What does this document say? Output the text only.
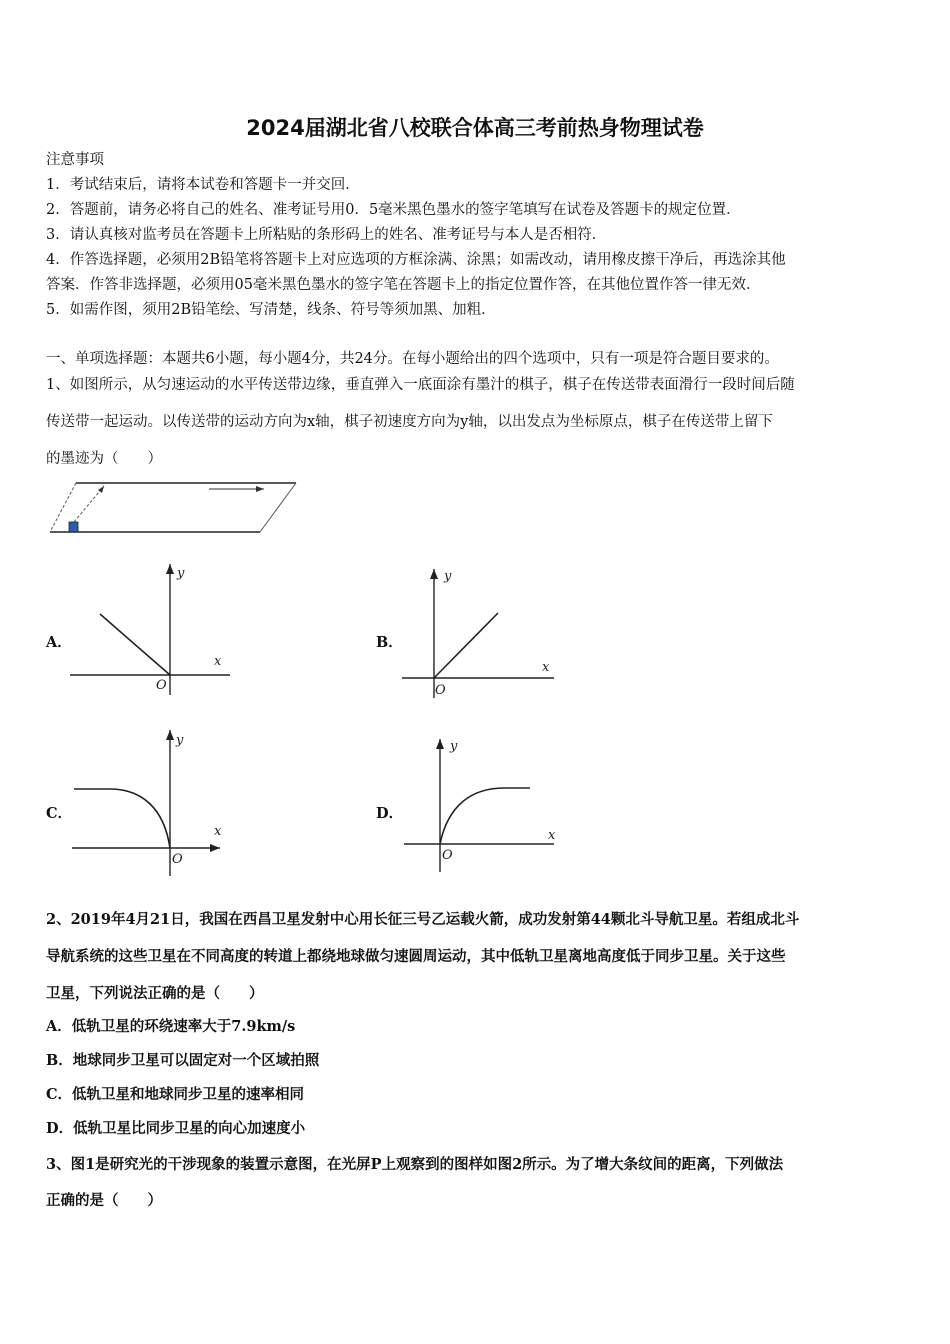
2024届湖北省八校联合体高三考前热身物理试卷
注意事项
1．考试结束后，请将本试卷和答题卡一并交回．
2．答题前，请务必将自己的姓名、准考证号用0．5毫米黑色墨水的签字笔填写在试卷及答题卡的规定位置．
3．请认真核对监考员在答题卡上所粘贴的条形码上的姓名、准考证号与本人是否相符．
4．作答选择题，必须用2B铅笔将答题卡上对应选项的方框涂满、涂黑；如需改动，请用橡皮擦干净后，再选涂其他
答案．作答非选择题，必须用05毫米黑色墨水的签字笔在答题卡上的指定位置作答，在其他位置作答一律无效．
5．如需作图，须用2B铅笔绘、写清楚，线条、符号等须加黑、加粗．
一、单项选择题：本题共6小题，每小题4分，共24分。在每小题给出的四个选项中，只有一项是符合题目要求的。
1、如图所示，从匀速运动的水平传送带边缘，垂直弹入一底面涂有墨汁的棋子，棋子在传送带表面滑行一段时间后随
传送带一起运动。以传送带的运动方向为x轴，棋子初速度方向为y轴，以出发点为坐标原点，棋子在传送带上留下
的墨迹为（　　）
A．
y
x
O
B．
y
x
O
C．
y
x
O
D．
y
x
O
2、2019年4月21日，我国在西昌卫星发射中心用长征三号乙运载火箭，成功发射第44颗北斗导航卫星。若组成北斗
导航系统的这些卫星在不同高度的转道上都绕地球做匀速圆周运动，其中低轨卫星离地高度低于同步卫星。关于这些
卫星，下列说法正确的是（　　）
A．低轨卫星的环绕速率大于7.9km/s
B．地球同步卫星可以固定对一个区域拍照
C．低轨卫星和地球同步卫星的速率相同
D．低轨卫星比同步卫星的向心加速度小
3、图1是研究光的干涉现象的装置示意图，在光屏P上观察到的图样如图2所示。为了增大条纹间的距离，下列做法
正确的是（　　）
